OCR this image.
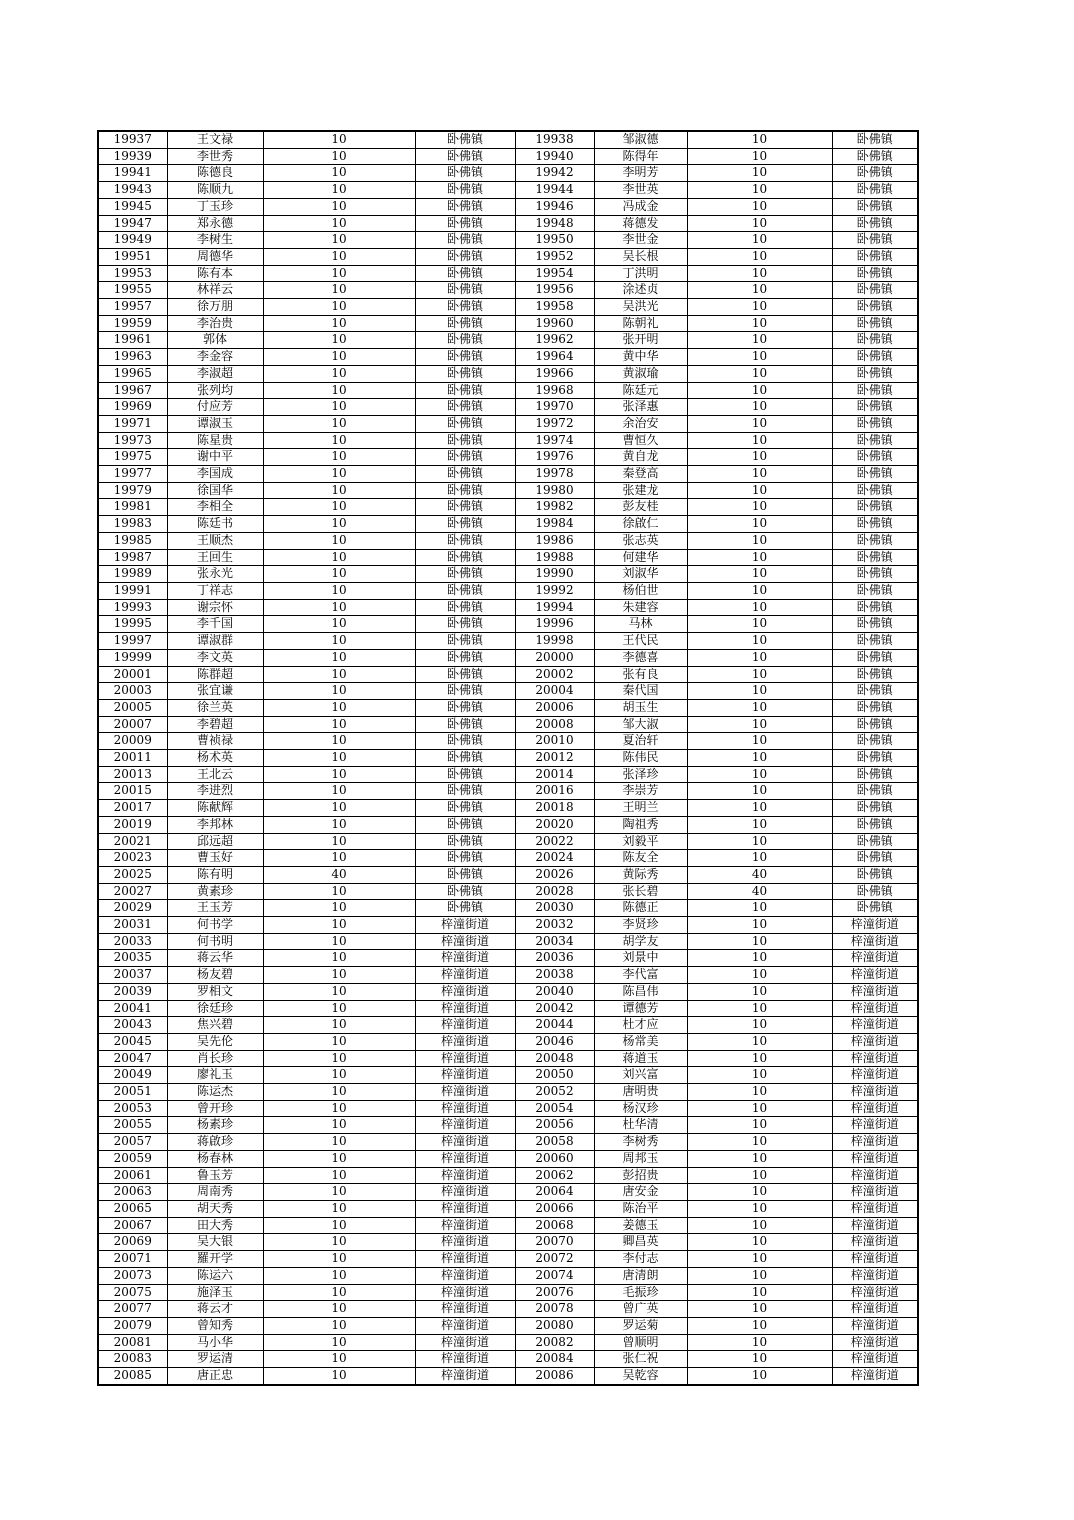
19937	王文禄	10	卧佛镇	19938	邹淑德	10	卧佛镇
19939	李世秀	10	卧佛镇	19940	陈得年	10	卧佛镇
19941	陈德良	10	卧佛镇	19942	李明芳	10	卧佛镇
19943	陈顺九	10	卧佛镇	19944	李世英	10	卧佛镇
19945	丁玉珍	10	卧佛镇	19946	冯成金	10	卧佛镇
19947	郑永德	10	卧佛镇	19948	蒋德发	10	卧佛镇
19949	李树生	10	卧佛镇	19950	李世金	10	卧佛镇
19951	周德华	10	卧佛镇	19952	吴长根	10	卧佛镇
19953	陈有本	10	卧佛镇	19954	丁洪明	10	卧佛镇
19955	林祥云	10	卧佛镇	19956	涂述贞	10	卧佛镇
19957	徐万朋	10	卧佛镇	19958	吴洪光	10	卧佛镇
19959	李治贵	10	卧佛镇	19960	陈朝礼	10	卧佛镇
19961	郭体	10	卧佛镇	19962	张开明	10	卧佛镇
19963	李金容	10	卧佛镇	19964	黄中华	10	卧佛镇
19965	李淑超	10	卧佛镇	19966	黄淑瑜	10	卧佛镇
19967	张列均	10	卧佛镇	19968	陈廷元	10	卧佛镇
19969	付应芳	10	卧佛镇	19970	张泽惠	10	卧佛镇
19971	谭淑玉	10	卧佛镇	19972	余治安	10	卧佛镇
19973	陈星贵	10	卧佛镇	19974	曹恒久	10	卧佛镇
19975	谢中平	10	卧佛镇	19976	黄自龙	10	卧佛镇
19977	李国成	10	卧佛镇	19978	秦登高	10	卧佛镇
19979	徐国华	10	卧佛镇	19980	张建龙	10	卧佛镇
19981	李相全	10	卧佛镇	19982	彭友桂	10	卧佛镇
19983	陈廷书	10	卧佛镇	19984	徐啟仁	10	卧佛镇
19985	王顺杰	10	卧佛镇	19986	张志英	10	卧佛镇
19987	王回生	10	卧佛镇	19988	何建华	10	卧佛镇
19989	张永光	10	卧佛镇	19990	刘淑华	10	卧佛镇
19991	丁祥志	10	卧佛镇	19992	杨伯世	10	卧佛镇
19993	谢宗怀	10	卧佛镇	19994	朱建容	10	卧佛镇
19995	李千国	10	卧佛镇	19996	马林	10	卧佛镇
19997	谭淑群	10	卧佛镇	19998	王代民	10	卧佛镇
19999	李文英	10	卧佛镇	20000	李德喜	10	卧佛镇
20001	陈群超	10	卧佛镇	20002	张有良	10	卧佛镇
20003	张宜谦	10	卧佛镇	20004	秦代国	10	卧佛镇
20005	徐兰英	10	卧佛镇	20006	胡玉生	10	卧佛镇
20007	李碧超	10	卧佛镇	20008	邹大淑	10	卧佛镇
20009	曹祯禄	10	卧佛镇	20010	夏治轩	10	卧佛镇
20011	杨术英	10	卧佛镇	20012	陈伟民	10	卧佛镇
20013	王北云	10	卧佛镇	20014	张泽珍	10	卧佛镇
20015	李进烈	10	卧佛镇	20016	李崇芳	10	卧佛镇
20017	陈献辉	10	卧佛镇	20018	王明兰	10	卧佛镇
20019	李邦林	10	卧佛镇	20020	陶祖秀	10	卧佛镇
20021	邱远超	10	卧佛镇	20022	刘毅平	10	卧佛镇
20023	曹玉好	10	卧佛镇	20024	陈友全	10	卧佛镇
20025	陈有明	40	卧佛镇	20026	黄际秀	40	卧佛镇
20027	黄素珍	10	卧佛镇	20028	张长碧	40	卧佛镇
20029	王玉芳	10	卧佛镇	20030	陈德正	10	卧佛镇
20031	何书学	10	梓潼街道	20032	李贤珍	10	梓潼街道
20033	何书明	10	梓潼街道	20034	胡学友	10	梓潼街道
20035	蒋云华	10	梓潼街道	20036	刘景中	10	梓潼街道
20037	杨友碧	10	梓潼街道	20038	李代富	10	梓潼街道
20039	罗相文	10	梓潼街道	20040	陈昌伟	10	梓潼街道
20041	徐廷珍	10	梓潼街道	20042	谭德芳	10	梓潼街道
20043	焦兴碧	10	梓潼街道	20044	杜才应	10	梓潼街道
20045	吴先伦	10	梓潼街道	20046	杨常美	10	梓潼街道
20047	肖长珍	10	梓潼街道	20048	蒋道玉	10	梓潼街道
20049	廖礼玉	10	梓潼街道	20050	刘兴富	10	梓潼街道
20051	陈运杰	10	梓潼街道	20052	唐明贵	10	梓潼街道
20053	曾开珍	10	梓潼街道	20054	杨汉珍	10	梓潼街道
20055	杨素珍	10	梓潼街道	20056	杜华清	10	梓潼街道
20057	蒋啟珍	10	梓潼街道	20058	李树秀	10	梓潼街道
20059	杨春林	10	梓潼街道	20060	周邦玉	10	梓潼街道
20061	鲁玉芳	10	梓潼街道	20062	彭招贵	10	梓潼街道
20063	周南秀	10	梓潼街道	20064	唐安金	10	梓潼街道
20065	胡天秀	10	梓潼街道	20066	陈治平	10	梓潼街道
20067	田大秀	10	梓潼街道	20068	姜德玉	10	梓潼街道
20069	吴大银	10	梓潼街道	20070	卿昌英	10	梓潼街道
20071	羅开学	10	梓潼街道	20072	李付志	10	梓潼街道
20073	陈运六	10	梓潼街道	20074	唐清朗	10	梓潼街道
20075	施泽玉	10	梓潼街道	20076	毛振珍	10	梓潼街道
20077	蒋云才	10	梓潼街道	20078	曾广英	10	梓潼街道
20079	曾知秀	10	梓潼街道	20080	罗运菊	10	梓潼街道
20081	马小华	10	梓潼街道	20082	曾顺明	10	梓潼街道
20083	罗运清	10	梓潼街道	20084	张仁祝	10	梓潼街道
20085	唐正忠	10	梓潼街道	20086	吴乾容	10	梓潼街道
